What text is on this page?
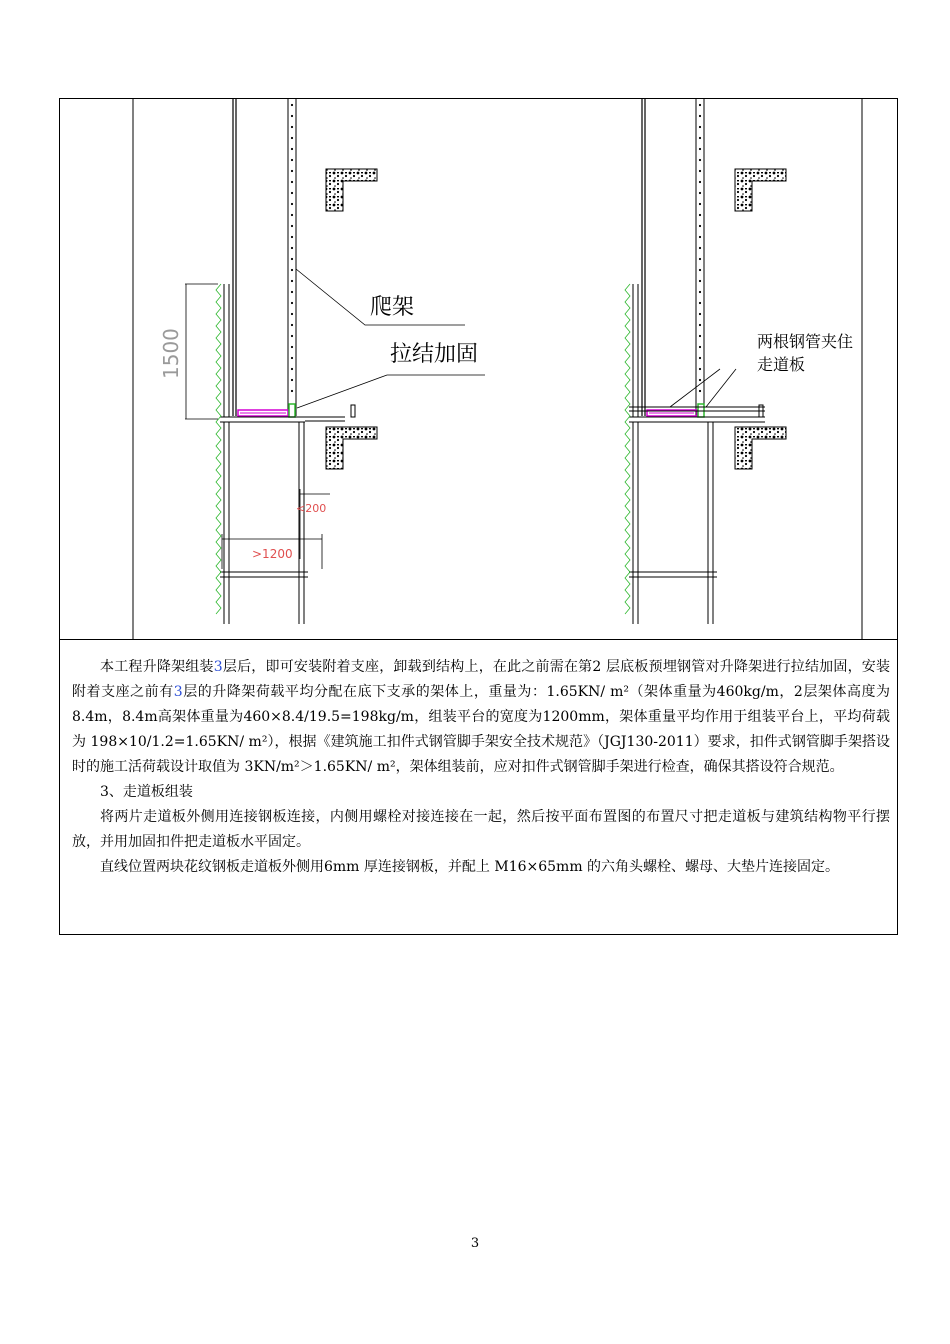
爬架
拉结加固
两根钢管夹住
走道板
1500
<200
>1200

本工程升降架组装3层后，即可安装附着支座，卸载到结构上，在此之前需在第2 层底板预埋钢管对升降架进行拉结加固，安装附着支座之前有3层的升降架荷载平均分配在底下支承的架体上，重量为：1.65KN/ m²（架体重量为460kg/m，2层架体高度为8.4m，8.4m高架体重量为460×8.4/19.5=198kg/m，组装平台的宽度为1200mm，架体重量平均作用于组装平台上，平均荷载为 198×10/1.2=1.65KN/ m²），根据《建筑施工扣件式钢管脚手架安全技术规范》（JGJ130-2011）要求，扣件式钢管脚手架搭设时的施工活荷载设计取值为 3KN/m²＞1.65KN/ m²，架体组装前，应对扣件式钢管脚手架进行检查，确保其搭设符合规范。

3、走道板组装

将两片走道板外侧用连接钢板连接，内侧用螺栓对接连接在一起，然后按平面布置图的布置尺寸把走道板与建筑结构物平行摆放，并用加固扣件把走道板水平固定。

直线位置两块花纹钢板走道板外侧用6mm 厚连接钢板，并配上 M16×65mm 的六角头螺栓、螺母、大垫片连接固定。

3
